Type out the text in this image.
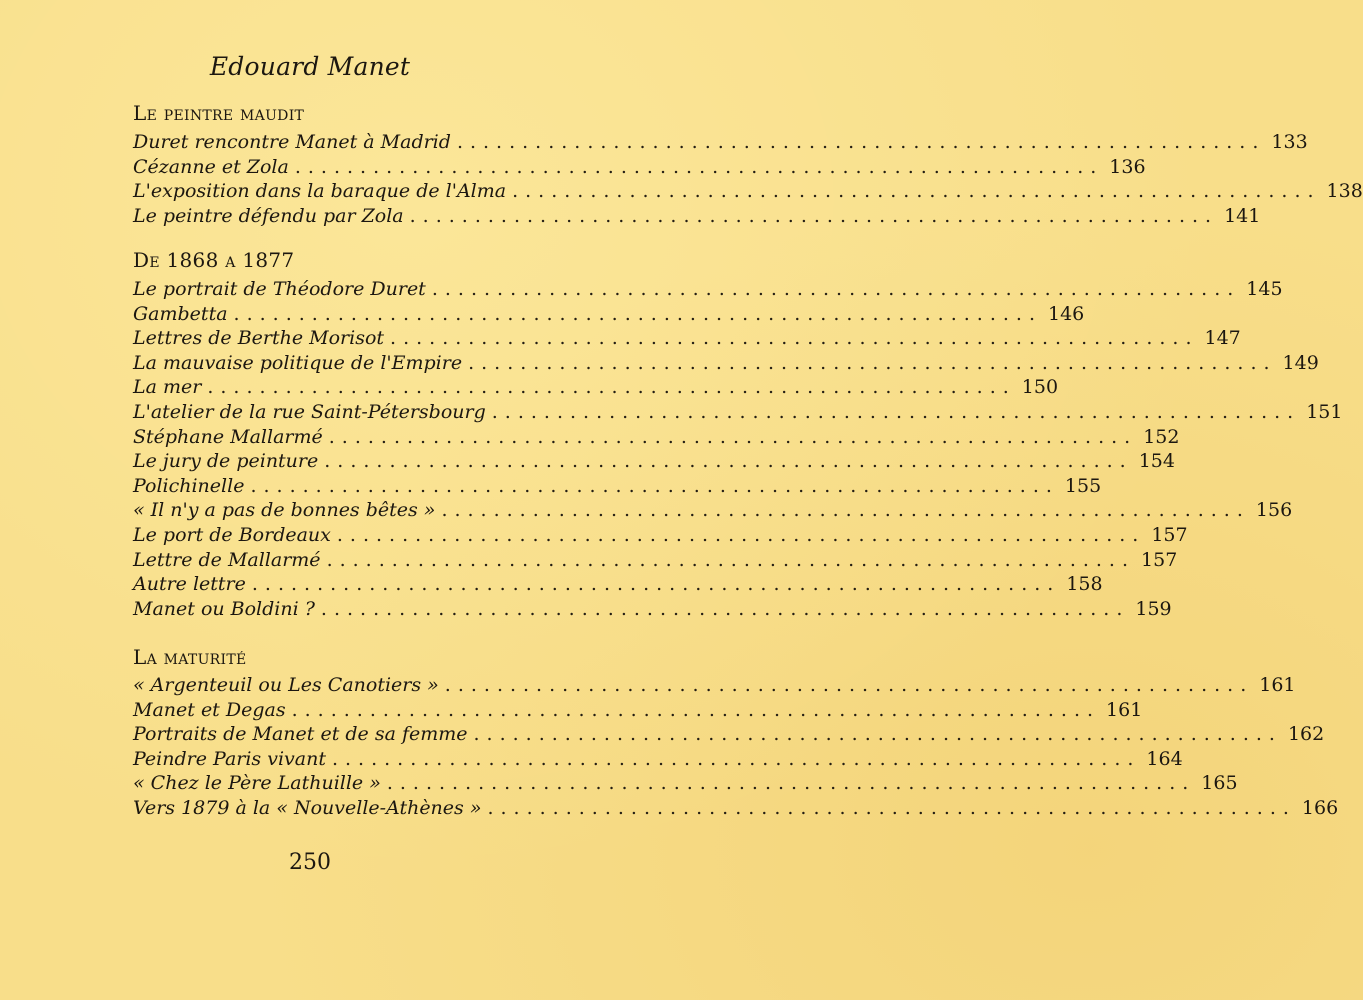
Edouard Manet
Le peintre maudit
Duret rencontre Manet à Madrid .............................................................. 133
Cézanne et Zola .............................................................. 136
L'exposition dans la baraque de l'Alma .............................................................. 138
Le peintre défendu par Zola .............................................................. 141
De 1868 a 1877
Le portrait de Théodore Duret .............................................................. 145
Gambetta .............................................................. 146
Lettres de Berthe Morisot .............................................................. 147
La mauvaise politique de l'Empire .............................................................. 149
La mer .............................................................. 150
L'atelier de la rue Saint-Pétersbourg .............................................................. 151
Stéphane Mallarmé .............................................................. 152
Le jury de peinture .............................................................. 154
Polichinelle .............................................................. 155
« Il n'y a pas de bonnes bêtes » .............................................................. 156
Le port de Bordeaux .............................................................. 157
Lettre de Mallarmé .............................................................. 157
Autre lettre .............................................................. 158
Manet ou Boldini ? .............................................................. 159
La maturité
« Argenteuil ou Les Canotiers » .............................................................. 161
Manet et Degas .............................................................. 161
Portraits de Manet et de sa femme .............................................................. 162
Peindre Paris vivant .............................................................. 164
« Chez le Père Lathuille » .............................................................. 165
Vers 1879 à la « Nouvelle-Athènes » .............................................................. 166
250
